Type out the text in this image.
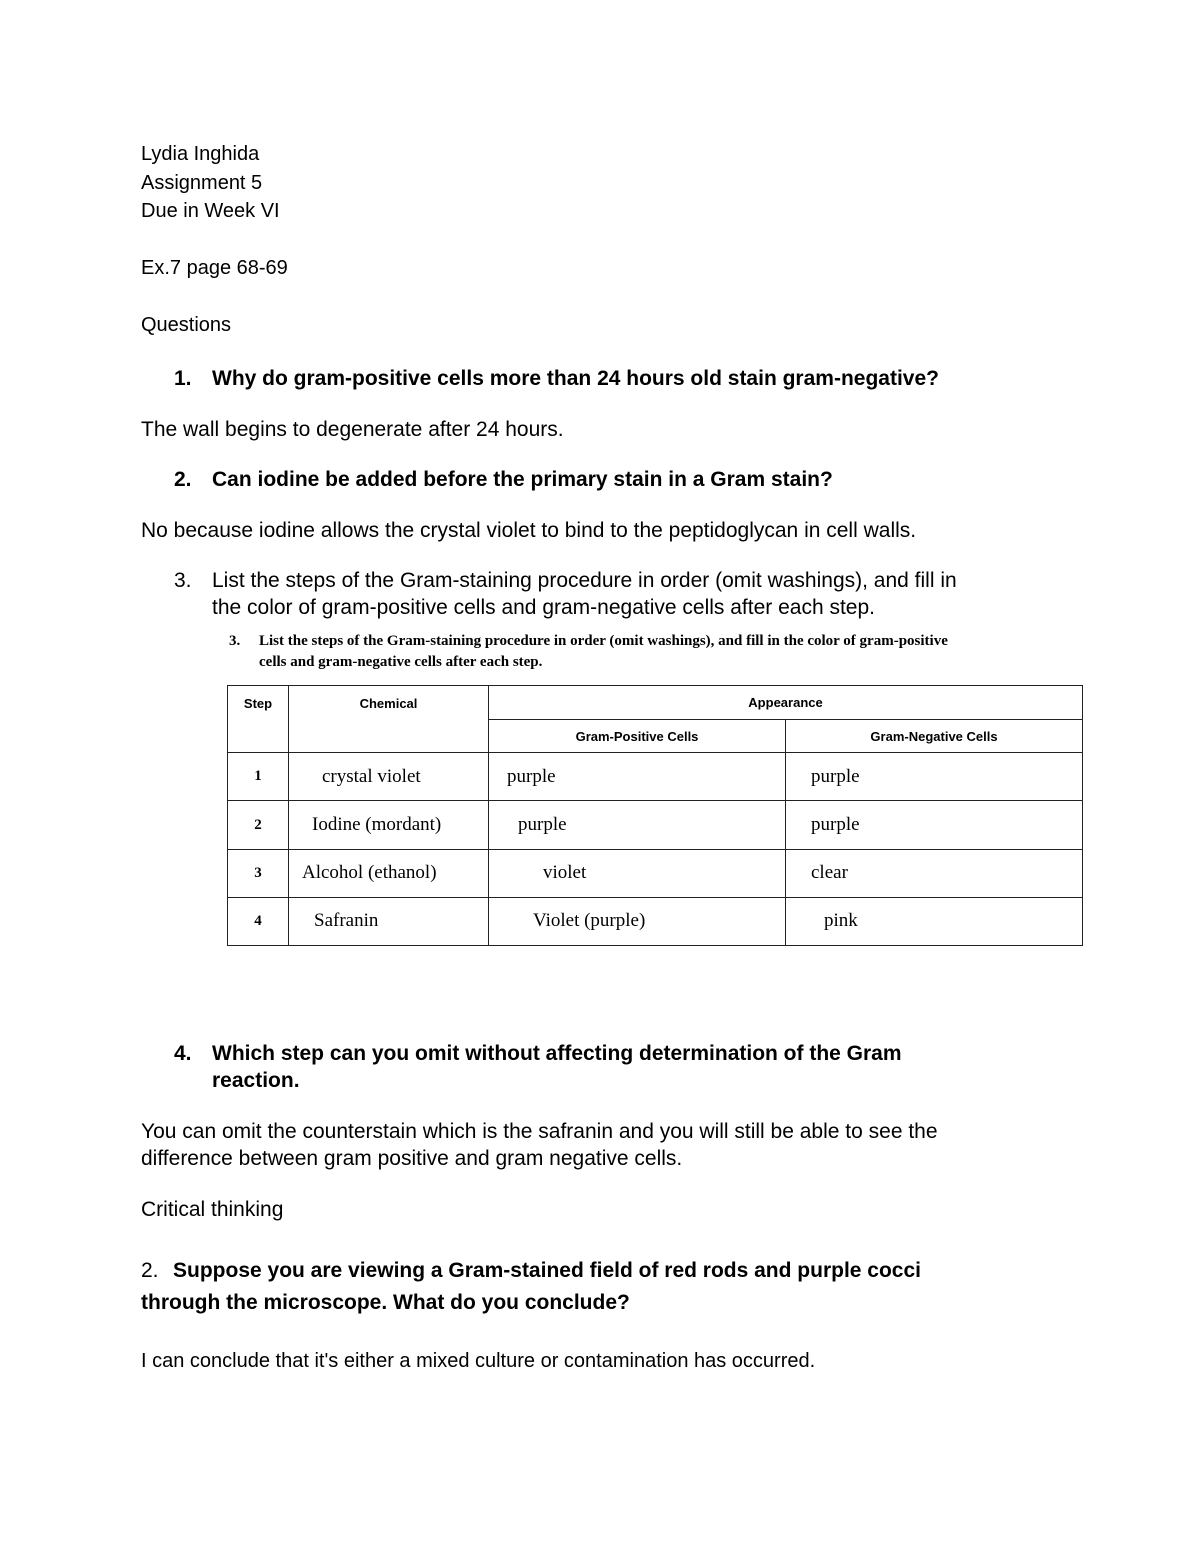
Lydia Inghida
Assignment 5
Due in Week VI
Ex.7 page 68-69
Questions
1. Why do gram-positive cells more than 24 hours old stain gram-negative?
The wall begins to degenerate after 24 hours.
2. Can iodine be added before the primary stain in a Gram stain?
No because iodine allows the crystal violet to bind to the peptidoglycan in cell walls.
3. List the steps of the Gram-staining procedure in order (omit washings), and fill in
the color of gram-positive cells and gram-negative cells after each step.
3. List the steps of the Gram-staining procedure in order (omit washings), and fill in the color of gram-positive
cells and gram-negative cells after each step.
Step	Chemical	Appearance	
		Gram-Positive Cells	Gram-Negative Cells
1	crystal violet	purple	purple
2	Iodine (mordant)	purple	purple
3	Alcohol (ethanol)	violet	clear
4	Safranin	Violet (purple)	pink
4. Which step can you omit without affecting determination of the Gram
reaction.
You can omit the counterstain which is the safranin and you will still be able to see the
difference between gram positive and gram negative cells.
Critical thinking
2. Suppose you are viewing a Gram-stained field of red rods and purple cocci
through the microscope. What do you conclude?
I can conclude that it's either a mixed culture or contamination has occurred.
